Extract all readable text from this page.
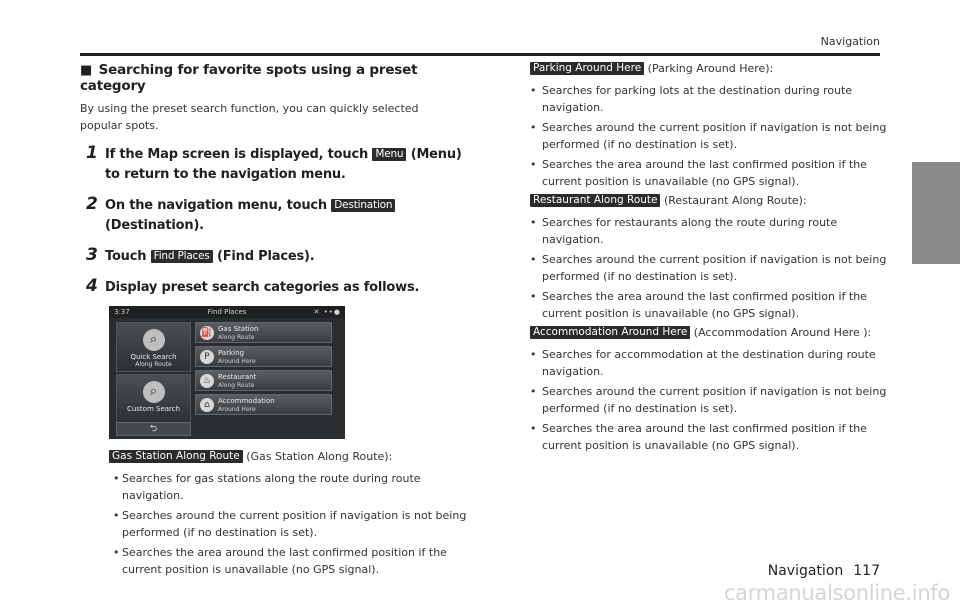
Navigation
■ Searching for favorite spots using a preset category

By using the preset search function, you can quickly selected popular spots.

1 If the Map screen is displayed, touch Menu (Menu) to return to the navigation menu.
2 On the navigation menu, touch Destination (Destination).
3 Touch Find Places (Find Places).
4 Display preset search categories as follows.
3:37	Find Places	✕ ••●
⌕
Quick Search
Along Route
⌕
Custom Search
⛽ Gas Station
Along Route
P	Parking
Around Here
♨ Restaurant
Along Route
⌂	Accommodation
Around Here
⮌
Gas Station Along Route (Gas Station Along Route):
• Searches for gas stations along the route during route navigation.
• Searches around the current position if navigation is not being performed (if no destination is set).
• Searches the area around the last confirmed position if the current position is unavailable (no GPS signal).
Parking Around Here (Parking Around Here):
• Searches for parking lots at the destination during route navigation.
• Searches around the current position if navigation is not being performed (if no destination is set).
• Searches the area around the last confirmed position if the current position is unavailable (no GPS signal).
Restaurant Along Route (Restaurant Along Route):
• Searches for restaurants along the route during route navigation.
• Searches around the current position if navigation is not being performed (if no destination is set).
• Searches the area around the last confirmed position if the current position is unavailable (no GPS signal).
Accommodation Around Here (Accommodation Around Here ):
• Searches for accommodation at the destination during route navigation.
• Searches around the current position if navigation is not being performed (if no destination is set).
• Searches the area around the last confirmed position if the current position is unavailable (no GPS signal).
Navigation 117
carmanualsonline.info
